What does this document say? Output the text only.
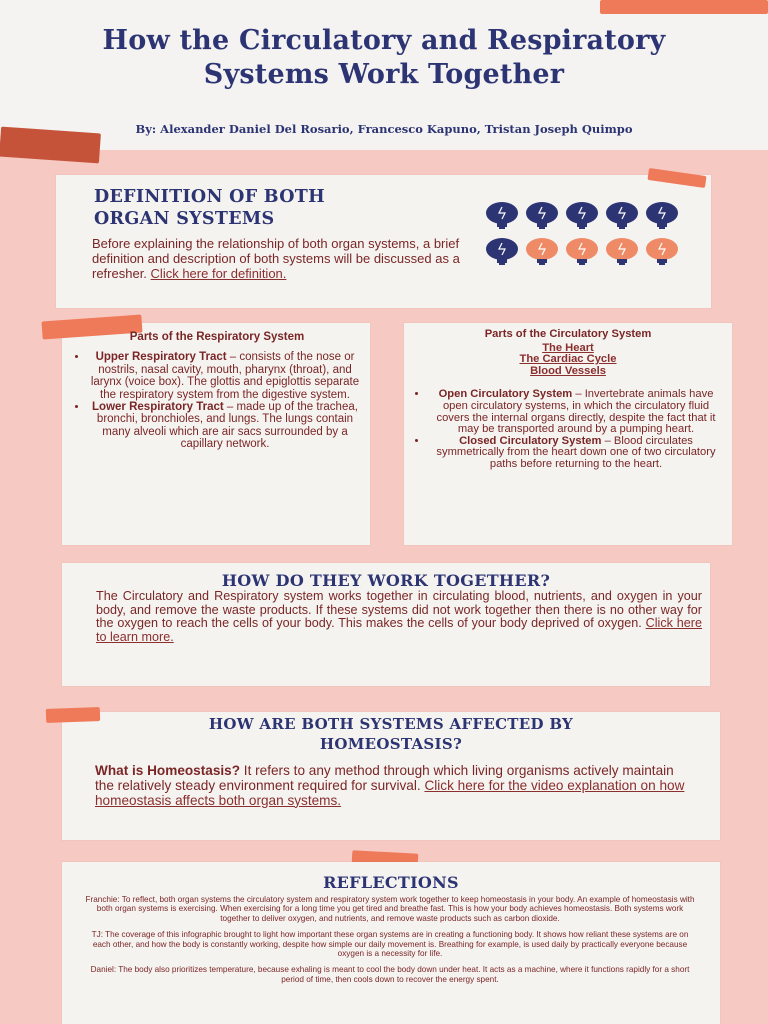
How the Circulatory and Respiratory
Systems Work Together
By: Alexander Daniel Del Rosario, Francesco Kapuno, Tristan Joseph Quimpo
DEFINITION OF BOTH
ORGAN SYSTEMS
Before explaining the relationship of both organ systems, a brief definition and description of both systems will be discussed as a refresher. Click here for definition.
Parts of the Respiratory System
• Upper Respiratory Tract – consists of the nose or nostrils, nasal cavity, mouth, pharynx (throat), and larynx (voice box). The glottis and epiglottis separate the respiratory system from the digestive system.
• Lower Respiratory Tract – made up of the trachea, bronchi, bronchioles, and lungs. The lungs contain many alveoli which are air sacs surrounded by a capillary network.
Parts of the Circulatory System
The Heart
The Cardiac Cycle
Blood Vessels
• Open Circulatory System – Invertebrate animals have open circulatory systems, in which the circulatory fluid covers the internal organs directly, despite the fact that it may be transported around by a pumping heart.
• Closed Circulatory System – Blood circulates symmetrically from the heart down one of two circulatory paths before returning to the heart.
HOW DO THEY WORK TOGETHER?
The Circulatory and Respiratory system works together in circulating blood, nutrients, and oxygen in your body, and remove the waste products. If these systems did not work together then there is no other way for the oxygen to reach the cells of your body. This makes the cells of your body deprived of oxygen. Click here to learn more.
HOW ARE BOTH SYSTEMS AFFECTED BY
HOMEOSTASIS?
What is Homeostasis? It refers to any method through which living organisms actively maintain the relatively steady environment required for survival. Click here for the video explanation on how homeostasis affects both organ systems.
REFLECTIONS

Franchie: To reflect, both organ systems the circulatory system and respiratory system work together to keep homeostasis in your body. An example of homeostasis with both organ systems is exercising. When exercising for a long time you get tired and breathe fast. This is how your body achieves homeostasis. Both systems work together to deliver oxygen, and nutrients, and remove waste products such as carbon dioxide.

TJ: The coverage of this infographic brought to light how important these organ systems are in creating a functioning body. It shows how reliant these systems are on each other, and how the body is constantly working, despite how simple our daily movement is. Breathing for example, is used daily by practically everyone because oxygen is a necessity for life.

Daniel: The body also prioritizes temperature, because exhaling is meant to cool the body down under heat. It acts as a machine, where it functions rapidly for a short period of time, then cools down to recover the energy spent.
